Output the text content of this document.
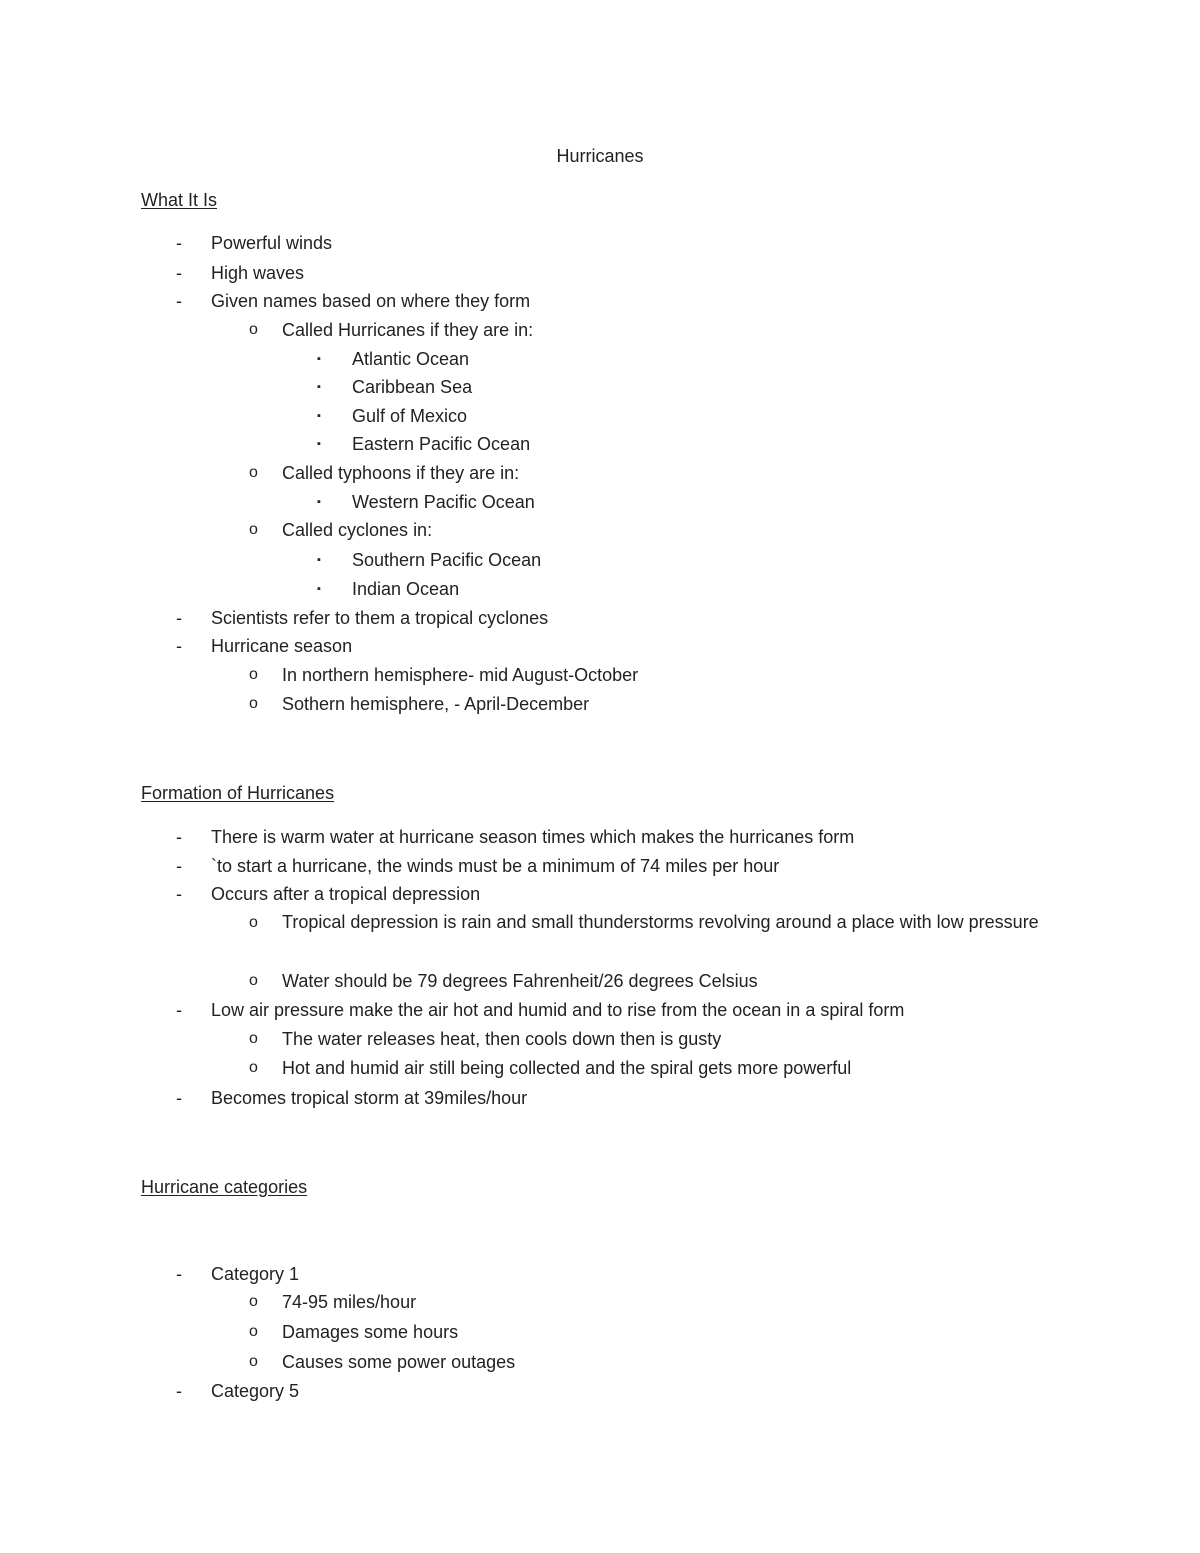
Hurricanes
What It Is
- Powerful winds
- High waves
- Given names based on where they form
o Called Hurricanes if they are in:
▪ Atlantic Ocean
▪ Caribbean Sea
▪ Gulf of Mexico
▪ Eastern Pacific Ocean
o Called typhoons if they are in:
▪ Western Pacific Ocean
o Called cyclones in:
▪ Southern Pacific Ocean
▪ Indian Ocean
- Scientists refer to them a tropical cyclones
- Hurricane season
o In northern hemisphere- mid August-October
o Sothern hemisphere, - April-December
Formation of Hurricanes
- There is warm water at hurricane season times which makes the hurricanes form
- `to start a hurricane, the winds must be a minimum of 74 miles per hour
- Occurs after a tropical depression
o Tropical depression is rain and small thunderstorms revolving around a place with low pressure
o Water should be 79 degrees Fahrenheit/26 degrees Celsius
- Low air pressure make the air hot and humid and to rise from the ocean in a spiral form
o The water releases heat, then cools down then is gusty
o Hot and humid air still being collected and the spiral gets more powerful
- Becomes tropical storm at 39miles/hour
Hurricane categories
- Category 1
o 74-95 miles/hour
o Damages some hours
o Causes some power outages
- Category 5
